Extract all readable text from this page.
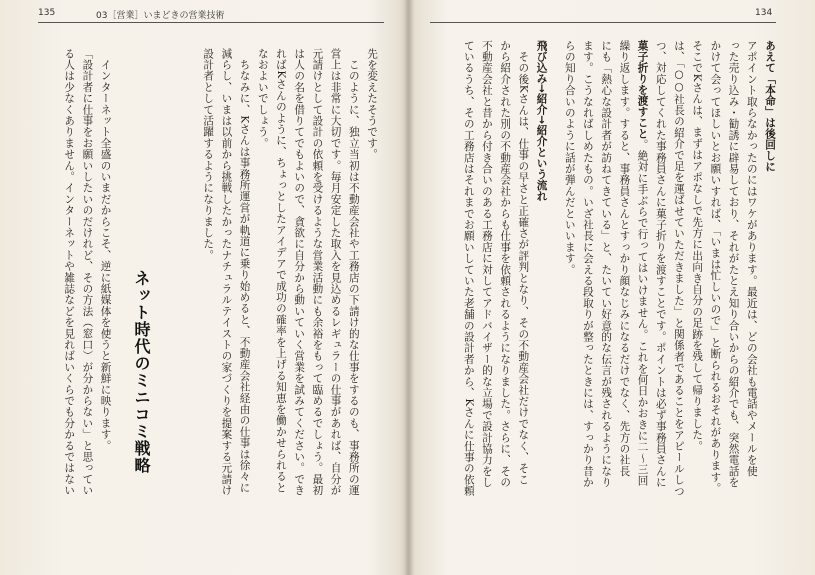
135	03［営業］いまどきの営業技術
先を変えたそうです。
　このように、独立当初は不動産会社や工務店の下請け的な仕事をするのも、事務所の運
営上は非常に大切です。毎月安定した取入を見込めるレギュラーの仕事があれば、自分が
元請けとして設計の依頼を受けるような営業活動にも余裕をもって臨めるでしょう。最初
は人の名を借りてでもよいので、貪欲に自分から動いていく営業を試みてください。でき
ればKさんのように、ちょっとしたアイデアで成功の確率を上げる知恵を働かせられると
なおよいでしょう。
　ちなみに、Kさんは事務所運営が軌道に乗り始めると、不動産会社経由の仕事は徐々に
減らし、いまは以前から挑戦したかったナチュラルテイストの家づくりを提案する元請け
設計者として活躍するようになりました。
ネット時代のミニコミ戦略
　インターネット全盛のいまだからこそ、逆に紙媒体を使うと新鮮に映ります。
「設計者に仕事をお願いしたいのだけれど、その方法（窓口）が分からない」と思ってい
る人は少なくありません。インターネットや雑誌などを見ればいくらでも分かるではない
134
あえて「本命」は後回しに
アポイント取らなかったのにはワケがあります。最近は、どの会社も電話やメールを使
った売り込み・勧誘に辟易しており、それがたとえ知り合いからの紹介でも、突然電話を
かけて会ってほしいとお願いすれば、「いまは忙しいので」と断られるおそれがあります。
そこでKさんは、まずはアポなしで先方に出向き自分の足跡を残して帰りました。
は、「○○社長の紹介で足を運ばせていただきました」と関係者であることをアピールしつ
つ、対応してくれた事務員さんに菓子折りを渡すことです。ポイントは必ず事務員さんに
菓子折りを渡すこと。絶対に手ぶらで行ってはいけません。これを何日かおきに二～三回
繰り返します。すると、事務員さんとすっかり顔なじみになるだけでなく、先方の社長
にも「熱心な設計者が訪ねてきている」と、たいてい好意的な伝言が残されるようになり
ます。こうなればしめたもの。いざ社長に会える段取りが整ったときには、すっかり昔か
らの知り合いのように話が弾んだといいます。
飛び込み→紹介→紹介という流れ
　その後Kさんは、仕事の早さと正確さが評判となり、その不動産会社だけでなく、そこ
から紹介された別の不動産会社からも仕事を依頼されるようになりました。さらに、その
不動産会社と昔から付き合いのある工務店に対してアドバイザー的な立場で設計協力をし
ているうち、その工務店はそれまでお願いしていた老舗の設計者から、Kさんに仕事の依頼
